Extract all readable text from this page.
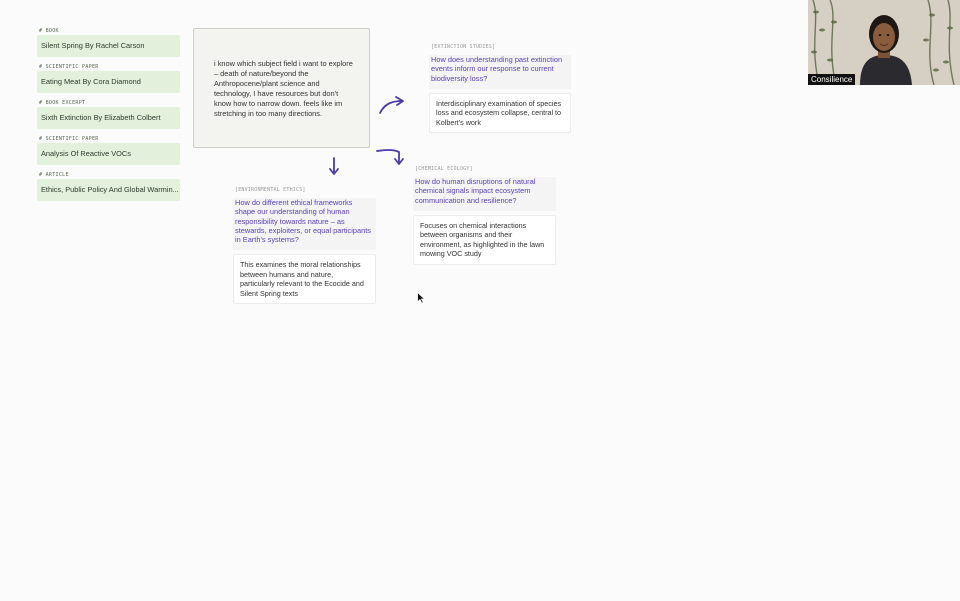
# BOOK
Silent Spring By Rachel Carson
# SCIENTIFIC PAPER
Eating Meat By Cora Diamond
# BOOK EXCERPT
Sixth Extinction By Elizabeth Colbert
# SCIENTIFIC PAPER
Analysis Of Reactive VOCs
# ARTICLE
Ethics, Public Policy And Global Warmin...
i know which subject field i want to explore – death of nature/beyond the Anthropocene/plant science and technology, I have resources but don't know how to narrow down. feels like im stretching in too many directions.
[EXTINCTION STUDIES]
How does understanding past extinction events inform our response to current biodiversity loss?
Interdisciplinary examination of species loss and ecosystem collapse, central to Kolbert's work
[CHEMICAL ECOLOGY]
How do human disruptions of natural chemical signals impact ecosystem communication and resilience?
Focuses on chemical interactions between organisms and their environment, as highlighted in the lawn mowing VOC study
[ENVIRONMENTAL ETHICS]
How do different ethical frameworks shape our understanding of human responsibility towards nature – as stewards, exploiters, or equal participants in Earth's systems?
This examines the moral relationships between humans and nature, particularly relevant to the Ecocide and Silent Spring texts
Consilience
